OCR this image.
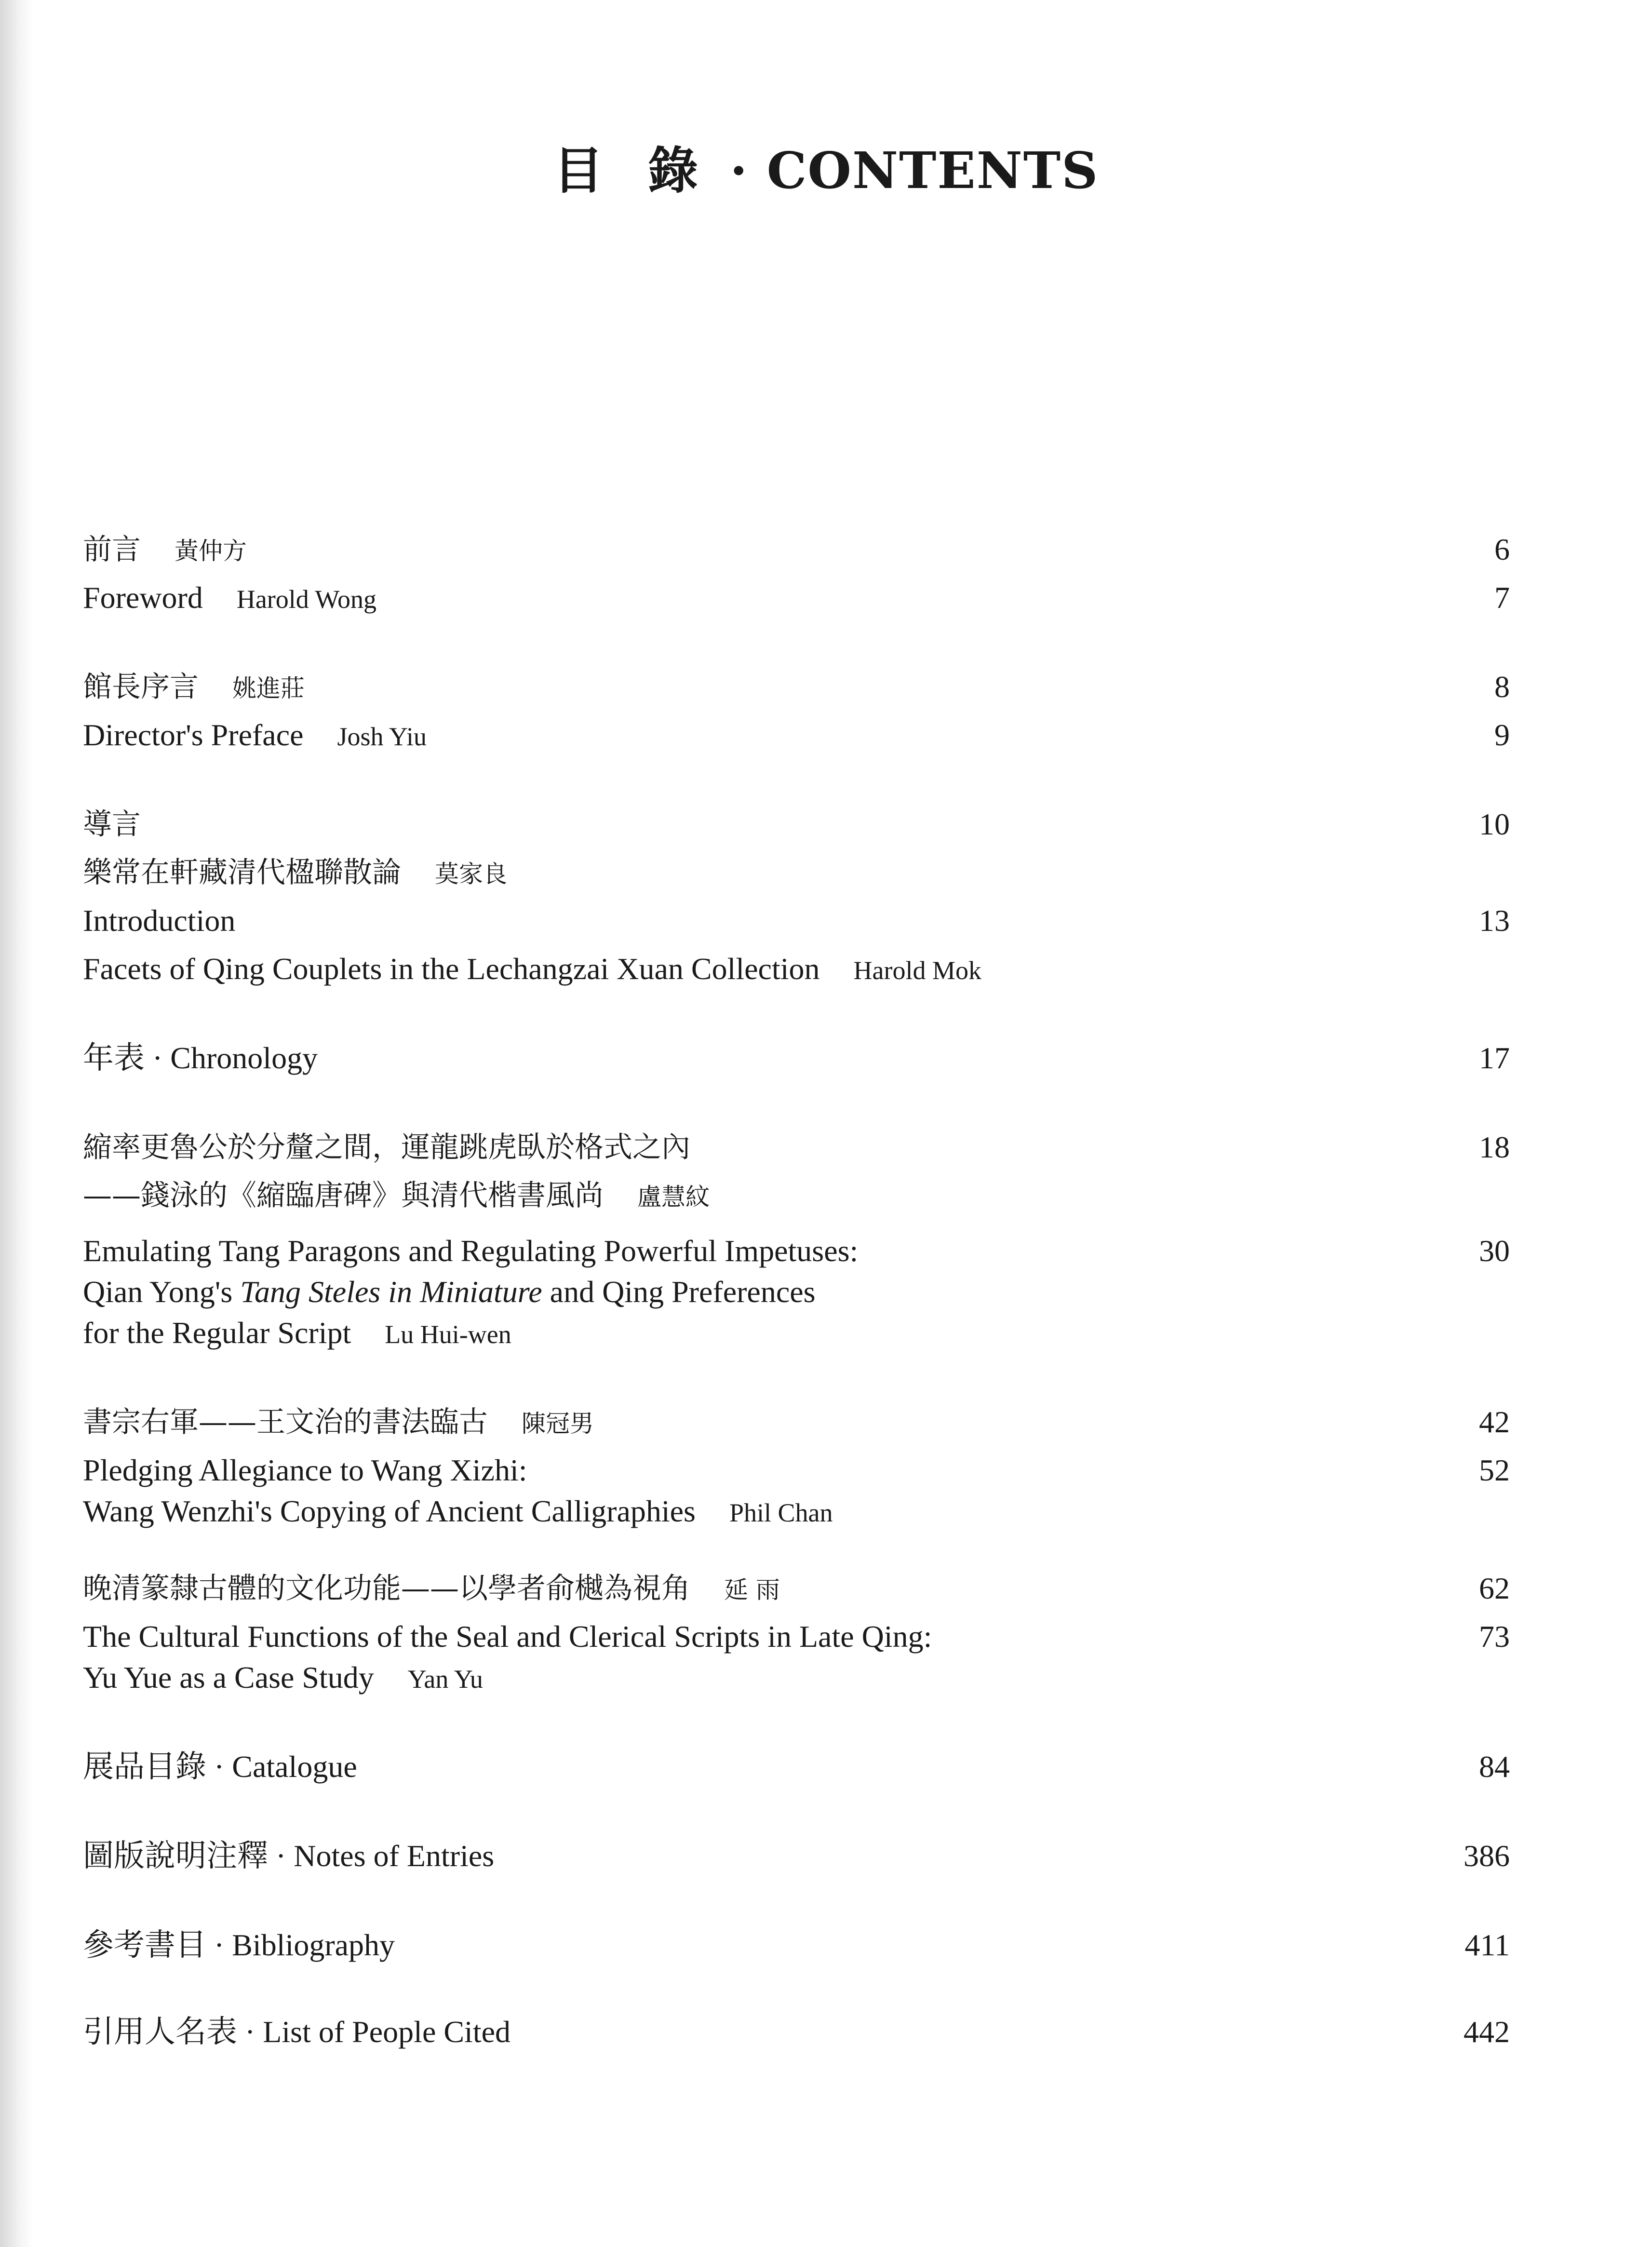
目 錄 · CONTENTS
前言 黃仲方	6
Foreword Harold Wong	7
館長序言 姚進莊	8
Director's Preface Josh Yiu	9
導言	10
樂常在軒藏清代楹聯散論 莫家良
Introduction	13
Facets of Qing Couplets in the Lechangzai Xuan Collection Harold Mok
年表 · Chronology	17
縮率更魯公於分釐之間，運龍跳虎臥於格式之內	18
——錢泳的《縮臨唐碑》與清代楷書風尚 盧慧紋
Emulating Tang Paragons and Regulating Powerful Impetuses:	30
Qian Yong's Tang Steles in Miniature and Qing Preferences
for the Regular Script Lu Hui-wen
書宗右軍——王文治的書法臨古 陳冠男	42
Pledging Allegiance to Wang Xizhi:	52
Wang Wenzhi's Copying of Ancient Calligraphies Phil Chan
晚清篆隸古體的文化功能——以學者俞樾為視角 延 雨	62
The Cultural Functions of the Seal and Clerical Scripts in Late Qing:	73
Yu Yue as a Case Study Yan Yu
展品目錄 · Catalogue	84
圖版說明注釋 · Notes of Entries	386
參考書目 · Bibliography	411
引用人名表 · List of People Cited	442
